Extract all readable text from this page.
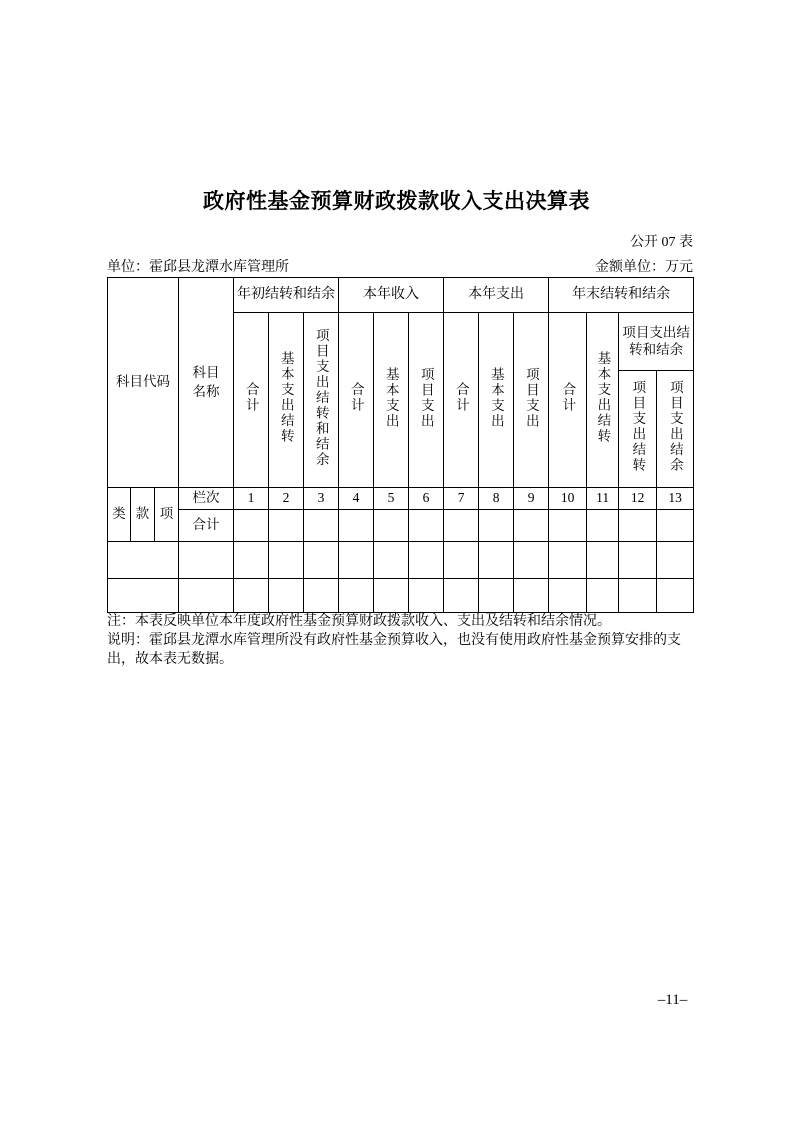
政府性基金预算财政拨款收入支出决算表
公开 07 表
单位：霍邱县龙潭水库管理所	金额单位：万元
科目代码			科目名称	年初结转和结余			本年收入			本年支出			年末结转和结余			
				合计	基本支出结转	项目支出结转和结余	合计	基本支出	项目支出	合计	基本支出	项目支出	合计	基本支出结转	项目支出结转和结余	
															项目支出结转	项目支出结余
类	款	项	栏次	1	2	3	4	5	6	7	8	9	10	11	12	13
			合计													

注：本表反映单位本年度政府性基金预算财政拨款收入、支出及结转和结余情况。
说明：霍邱县龙潭水库管理所没有政府性基金预算收入，也没有使用政府性基金预算安排的支出，故本表无数据。
–11–
